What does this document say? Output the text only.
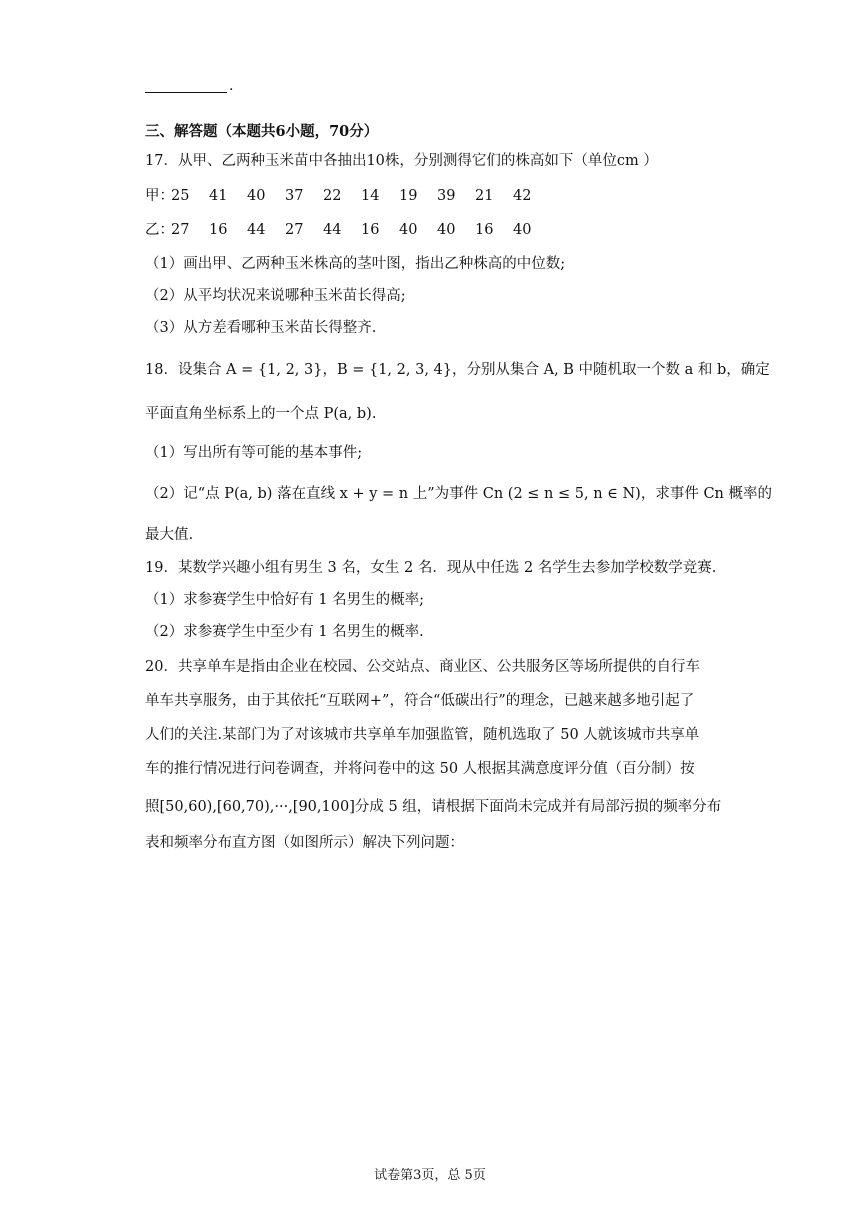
.
三、解答题（本题共6小题，70分）
17．从甲、乙两种玉米苗中各抽出10株，分别测得它们的株高如下（单位cm ）
甲：
25	41	40	37	22	14	19	39	21	42
乙：
27	16	44	27	44	16	40	40	16	40
（1）画出甲、乙两种玉米株高的茎叶图，指出乙种株高的中位数;
（2）从平均状况来说哪种玉米苗长得高;
（3）从方差看哪种玉米苗长得整齐.
18．设集合 A = {1, 2, 3}，B = {1, 2, 3, 4}，分别从集合 A, B 中随机取一个数 a 和 b，确定
平面直角坐标系上的一个点 P(a, b).
（1）写出所有等可能的基本事件;
（2）记“点 P(a, b) 落在直线 x + y = n 上”为事件 Cn (2 ≤ n ≤ 5, n ∈ N)，求事件 Cn 概率的
最大值.
19．某数学兴趣小组有男生 3 名，女生 2 名．现从中任选 2 名学生去参加学校数学竞赛.
（1）求参赛学生中恰好有 1 名男生的概率;
（2）求参赛学生中至少有 1 名男生的概率.
20．共享单车是指由企业在校园、公交站点、商业区、公共服务区等场所提供的自行车
单车共享服务，由于其依托“互联网+”，符合“低碳出行”的理念，已越来越多地引起了
人们的关注.某部门为了对该城市共享单车加强监管，随机选取了 50 人就该城市共享单
车的推行情况进行问卷调查，并将问卷中的这 50 人根据其满意度评分值（百分制）按
照[50,60),[60,70),···,[90,100]分成 5 组，请根据下面尚未完成并有局部污损的频率分布
表和频率分布直方图（如图所示）解决下列问题：
试卷第3页，总 5页
